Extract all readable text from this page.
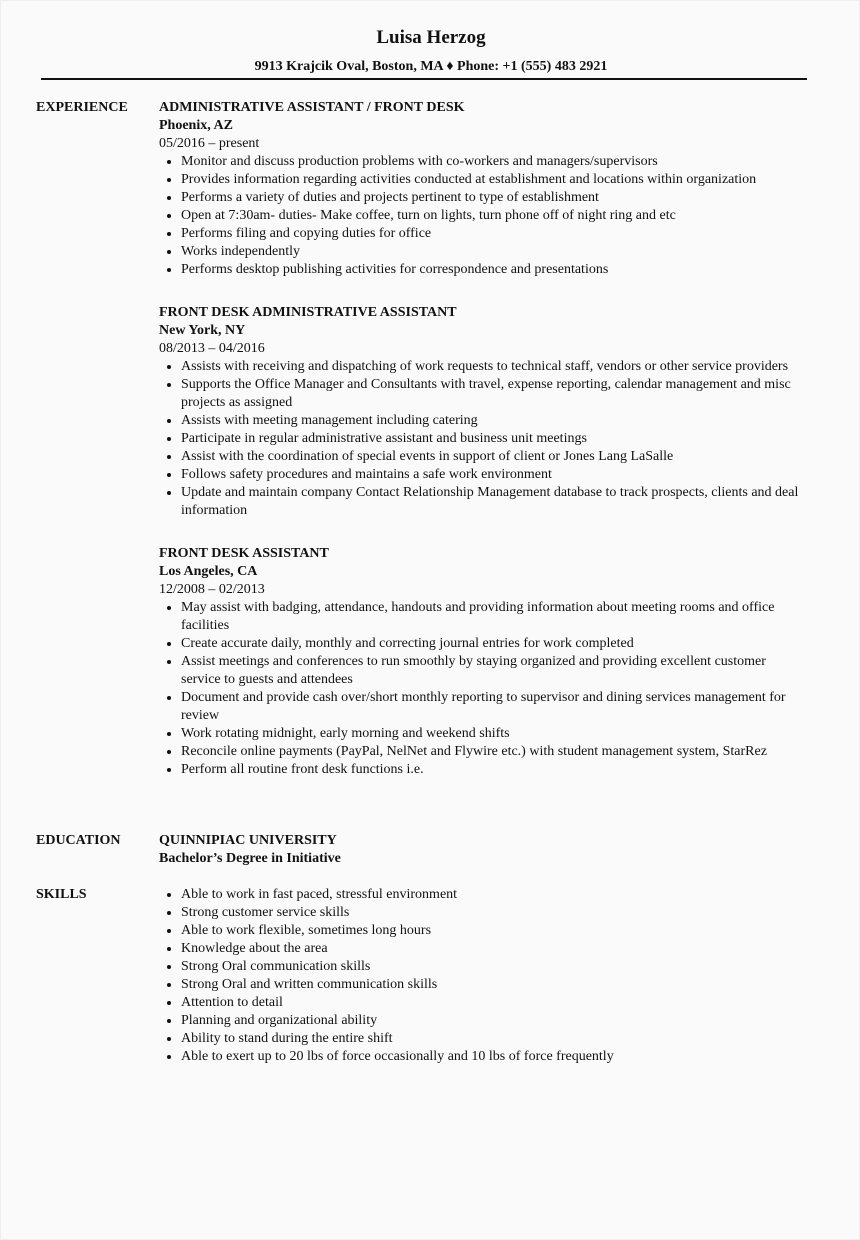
Luisa Herzog
9913 Krajcik Oval, Boston, MA ♦ Phone: +1 (555) 483 2921
EXPERIENCE	ADMINISTRATIVE ASSISTANT / FRONT DESK
Phoenix, AZ
05/2016 – present
Monitor and discuss production problems with co-workers and managers/supervisors
Provides information regarding activities conducted at establishment and locations within organization
Performs a variety of duties and projects pertinent to type of establishment
Open at 7:30am- duties- Make coffee, turn on lights, turn phone off of night ring and etc
Performs filing and copying duties for office
Works independently
Performs desktop publishing activities for correspondence and presentations
FRONT DESK ADMINISTRATIVE ASSISTANT
New York, NY
08/2013 – 04/2016
Assists with receiving and dispatching of work requests to technical staff, vendors or other service providers
Supports the Office Manager and Consultants with travel, expense reporting, calendar management and misc projects as assigned
Assists with meeting management including catering
Participate in regular administrative assistant and business unit meetings
Assist with the coordination of special events in support of client or Jones Lang LaSalle
Follows safety procedures and maintains a safe work environment
Update and maintain company Contact Relationship Management database to track prospects, clients and deal information
FRONT DESK ASSISTANT
Los Angeles, CA
12/2008 – 02/2013
May assist with badging, attendance, handouts and providing information about meeting rooms and office facilities
Create accurate daily, monthly and correcting journal entries for work completed
Assist meetings and conferences to run smoothly by staying organized and providing excellent customer service to guests and attendees
Document and provide cash over/short monthly reporting to supervisor and dining services management for review
Work rotating midnight, early morning and weekend shifts
Reconcile online payments (PayPal, NelNet and Flywire etc.) with student management system, StarRez
Perform all routine front desk functions i.e.
EDUCATION	QUINNIPIAC UNIVERSITY
Bachelor’s Degree in Initiative
SKILLS	Able to work in fast paced, stressful environment
Strong customer service skills
Able to work flexible, sometimes long hours
Knowledge about the area
Strong Oral communication skills
Strong Oral and written communication skills
Attention to detail
Planning and organizational ability
Ability to stand during the entire shift
Able to exert up to 20 lbs of force occasionally and 10 lbs of force frequently
